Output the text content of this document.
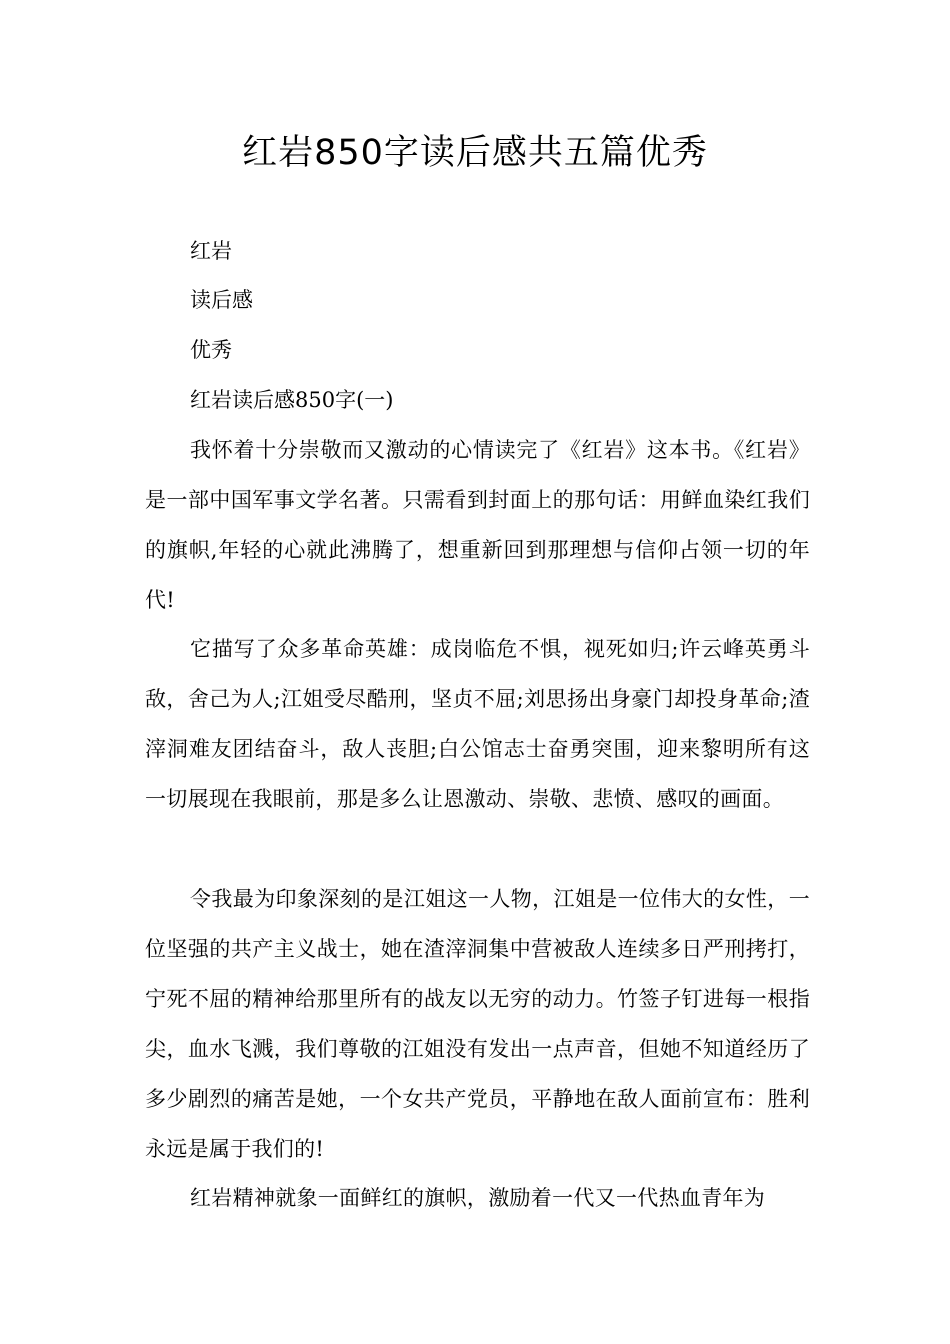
红岩850字读后感共五篇优秀

红岩

读后感

优秀

红岩读后感850字(一)

我怀着十分崇敬而又激动的心情读完了《红岩》这本书。《红岩》是一部中国军事文学名著。只需看到封面上的那句话：用鲜血染红我们的旗帜,年轻的心就此沸腾了，想重新回到那理想与信仰占领一切的年代!

它描写了众多革命英雄：成岗临危不惧，视死如归;许云峰英勇斗敌，舍己为人;江姐受尽酷刑，坚贞不屈;刘思扬出身豪门却投身革命;渣滓洞难友团结奋斗，敌人丧胆;白公馆志士奋勇突围，迎来黎明所有这一切展现在我眼前，那是多么让恩激动、崇敬、悲愤、感叹的画面。

令我最为印象深刻的是江姐这一人物，江姐是一位伟大的女性，一位坚强的共产主义战士，她在渣滓洞集中营被敌人连续多日严刑拷打，宁死不屈的精神给那里所有的战友以无穷的动力。竹签子钉进每一根指尖，血水飞溅，我们尊敬的江姐没有发出一点声音，但她不知道经历了多少剧烈的痛苦是她，一个女共产党员，平静地在敌人面前宣布：胜利永远是属于我们的!

红岩精神就象一面鲜红的旗帜，激励着一代又一代热血青年为
